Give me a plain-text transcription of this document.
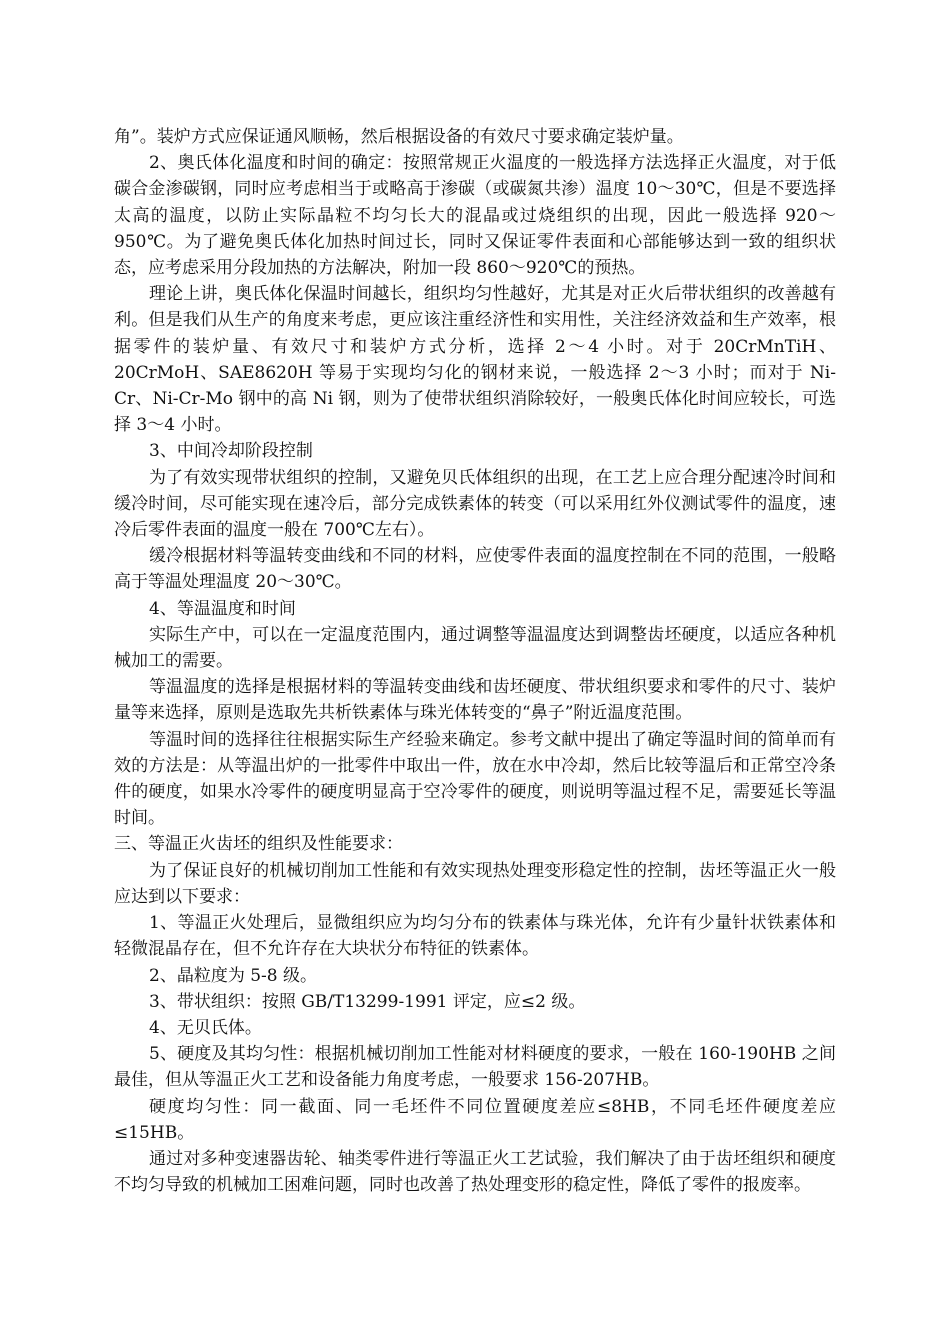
角”。装炉方式应保证通风顺畅，然后根据设备的有效尺寸要求确定装炉量。

2、奥氏体化温度和时间的确定：按照常规正火温度的一般选择方法选择正火温度，对于低碳合金渗碳钢，同时应考虑相当于或略高于渗碳（或碳氮共渗）温度 10～30℃，但是不要选择太高的温度，以防止实际晶粒不均匀长大的混晶或过烧组织的出现，因此一般选择 920～950℃。为了避免奥氏体化加热时间过长，同时又保证零件表面和心部能够达到一致的组织状态，应考虑采用分段加热的方法解决，附加一段 860～920℃的预热。

理论上讲，奥氏体化保温时间越长，组织均匀性越好，尤其是对正火后带状组织的改善越有利。但是我们从生产的角度来考虑，更应该注重经济性和实用性，关注经济效益和生产效率，根据零件的装炉量、有效尺寸和装炉方式分析，选择 2～4 小时。对于 20CrMnTiH、20CrMoH、SAE8620H 等易于实现均匀化的钢材来说，一般选择 2～3 小时；而对于 Ni-Cr、Ni-Cr-Mo 钢中的高 Ni 钢，则为了使带状组织消除较好，一般奥氏体化时间应较长，可选择 3～4 小时。

3、中间冷却阶段控制

为了有效实现带状组织的控制，又避免贝氏体组织的出现，在工艺上应合理分配速冷时间和缓冷时间，尽可能实现在速冷后，部分完成铁素体的转变（可以采用红外仪测试零件的温度，速冷后零件表面的温度一般在 700℃左右）。

缓冷根据材料等温转变曲线和不同的材料，应使零件表面的温度控制在不同的范围，一般略高于等温处理温度 20～30℃。

4、等温温度和时间

实际生产中，可以在一定温度范围内，通过调整等温温度达到调整齿坯硬度，以适应各种机械加工的需要。

等温温度的选择是根据材料的等温转变曲线和齿坯硬度、带状组织要求和零件的尺寸、装炉量等来选择，原则是选取先共析铁素体与珠光体转变的“鼻子”附近温度范围。

等温时间的选择往往根据实际生产经验来确定。参考文献中提出了确定等温时间的简单而有效的方法是：从等温出炉的一批零件中取出一件，放在水中冷却，然后比较等温后和正常空冷条件的硬度，如果水冷零件的硬度明显高于空冷零件的硬度，则说明等温过程不足，需要延长等温时间。

三、等温正火齿坯的组织及性能要求：

为了保证良好的机械切削加工性能和有效实现热处理变形稳定性的控制，齿坯等温正火一般应达到以下要求：

1、等温正火处理后，显微组织应为均匀分布的铁素体与珠光体，允许有少量针状铁素体和轻微混晶存在，但不允许存在大块状分布特征的铁素体。

2、晶粒度为 5-8 级。

3、带状组织：按照 GB/T13299-1991 评定，应≤2 级。

4、无贝氏体。

5、硬度及其均匀性：根据机械切削加工性能对材料硬度的要求，一般在 160-190HB 之间最佳，但从等温正火工艺和设备能力角度考虑，一般要求 156-207HB。

硬度均匀性：同一截面、同一毛坯件不同位置硬度差应≤8HB，不同毛坯件硬度差应≤15HB。

通过对多种变速器齿轮、轴类零件进行等温正火工艺试验，我们解决了由于齿坯组织和硬度不均匀导致的机械加工困难问题，同时也改善了热处理变形的稳定性，降低了零件的报废率。
